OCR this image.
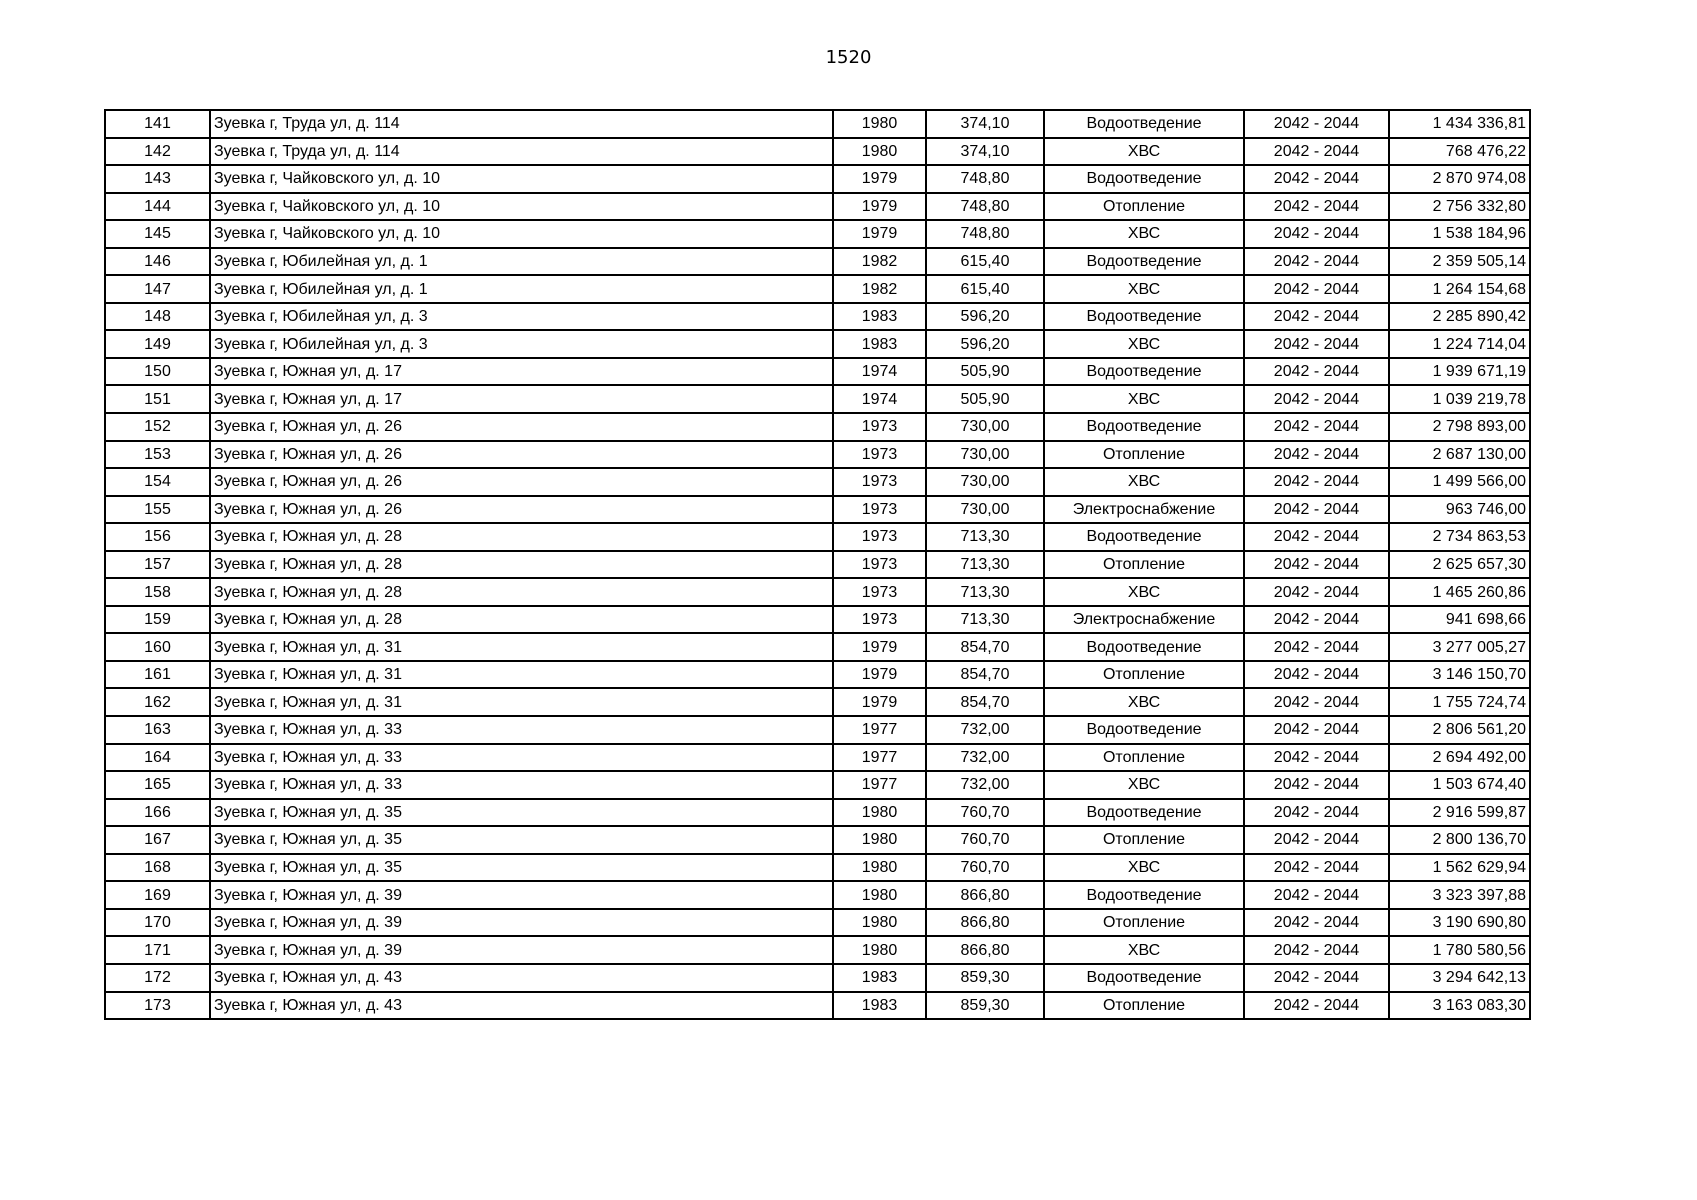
1520
141	Зуевка г, Труда ул, д. 114	1980	374,10	Водоотведение	2042 - 2044	1 434 336,81
142	Зуевка г, Труда ул, д. 114	1980	374,10	ХВС	2042 - 2044	768 476,22
143	Зуевка г, Чайковского ул, д. 10	1979	748,80	Водоотведение	2042 - 2044	2 870 974,08
144	Зуевка г, Чайковского ул, д. 10	1979	748,80	Отопление	2042 - 2044	2 756 332,80
145	Зуевка г, Чайковского ул, д. 10	1979	748,80	ХВС	2042 - 2044	1 538 184,96
146	Зуевка г, Юбилейная ул, д. 1	1982	615,40	Водоотведение	2042 - 2044	2 359 505,14
147	Зуевка г, Юбилейная ул, д. 1	1982	615,40	ХВС	2042 - 2044	1 264 154,68
148	Зуевка г, Юбилейная ул, д. 3	1983	596,20	Водоотведение	2042 - 2044	2 285 890,42
149	Зуевка г, Юбилейная ул, д. 3	1983	596,20	ХВС	2042 - 2044	1 224 714,04
150	Зуевка г, Южная ул, д. 17	1974	505,90	Водоотведение	2042 - 2044	1 939 671,19
151	Зуевка г, Южная ул, д. 17	1974	505,90	ХВС	2042 - 2044	1 039 219,78
152	Зуевка г, Южная ул, д. 26	1973	730,00	Водоотведение	2042 - 2044	2 798 893,00
153	Зуевка г, Южная ул, д. 26	1973	730,00	Отопление	2042 - 2044	2 687 130,00
154	Зуевка г, Южная ул, д. 26	1973	730,00	ХВС	2042 - 2044	1 499 566,00
155	Зуевка г, Южная ул, д. 26	1973	730,00	Электроснабжение	2042 - 2044	963 746,00
156	Зуевка г, Южная ул, д. 28	1973	713,30	Водоотведение	2042 - 2044	2 734 863,53
157	Зуевка г, Южная ул, д. 28	1973	713,30	Отопление	2042 - 2044	2 625 657,30
158	Зуевка г, Южная ул, д. 28	1973	713,30	ХВС	2042 - 2044	1 465 260,86
159	Зуевка г, Южная ул, д. 28	1973	713,30	Электроснабжение	2042 - 2044	941 698,66
160	Зуевка г, Южная ул, д. 31	1979	854,70	Водоотведение	2042 - 2044	3 277 005,27
161	Зуевка г, Южная ул, д. 31	1979	854,70	Отопление	2042 - 2044	3 146 150,70
162	Зуевка г, Южная ул, д. 31	1979	854,70	ХВС	2042 - 2044	1 755 724,74
163	Зуевка г, Южная ул, д. 33	1977	732,00	Водоотведение	2042 - 2044	2 806 561,20
164	Зуевка г, Южная ул, д. 33	1977	732,00	Отопление	2042 - 2044	2 694 492,00
165	Зуевка г, Южная ул, д. 33	1977	732,00	ХВС	2042 - 2044	1 503 674,40
166	Зуевка г, Южная ул, д. 35	1980	760,70	Водоотведение	2042 - 2044	2 916 599,87
167	Зуевка г, Южная ул, д. 35	1980	760,70	Отопление	2042 - 2044	2 800 136,70
168	Зуевка г, Южная ул, д. 35	1980	760,70	ХВС	2042 - 2044	1 562 629,94
169	Зуевка г, Южная ул, д. 39	1980	866,80	Водоотведение	2042 - 2044	3 323 397,88
170	Зуевка г, Южная ул, д. 39	1980	866,80	Отопление	2042 - 2044	3 190 690,80
171	Зуевка г, Южная ул, д. 39	1980	866,80	ХВС	2042 - 2044	1 780 580,56
172	Зуевка г, Южная ул, д. 43	1983	859,30	Водоотведение	2042 - 2044	3 294 642,13
173	Зуевка г, Южная ул, д. 43	1983	859,30	Отопление	2042 - 2044	3 163 083,30
